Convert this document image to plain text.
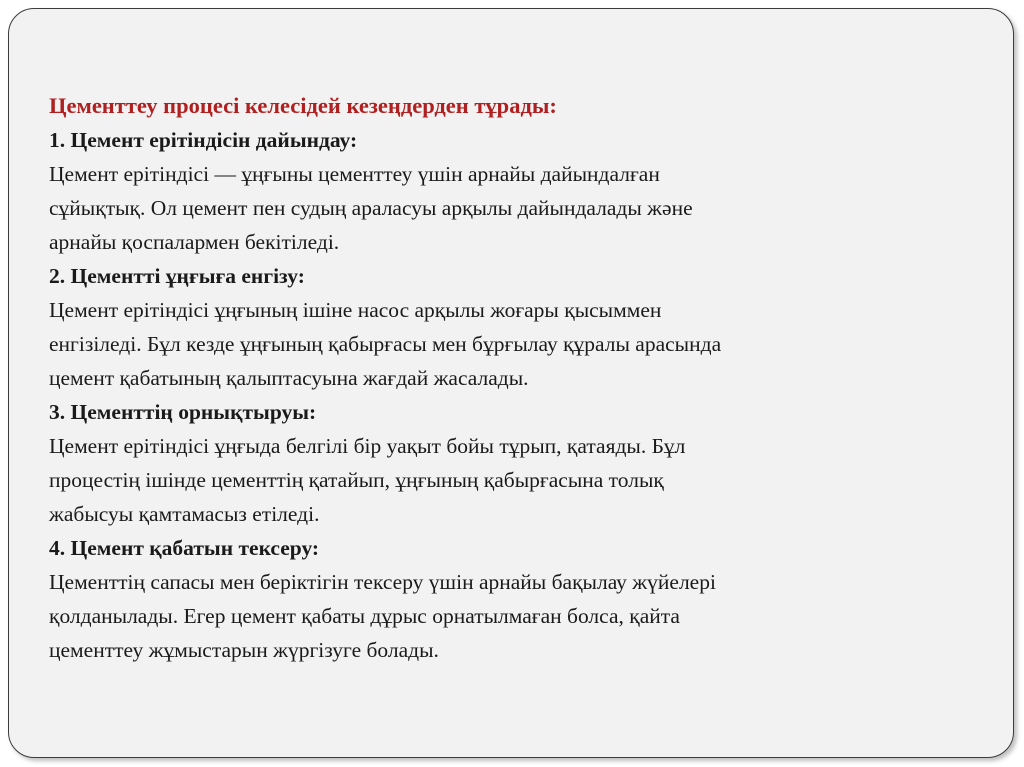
Цементтеу процесі келесідей кезеңдерден тұрады:

1. Цемент ерітіндісін дайындау:

Цемент ерітіндісі — ұңғыны цементтеу үшін арнайы дайындалған
сұйықтық. Ол цемент пен судың араласуы арқылы дайындалады және
арнайы қоспалармен бекітіледі.

2. Цементті ұңғыға енгізу:

Цемент ерітіндісі ұңғының ішіне насос арқылы жоғары қысыммен
енгізіледі. Бұл кезде ұңғының қабырғасы мен бұрғылау құралы арасында
цемент қабатының қалыптасуына жағдай жасалады.

3. Цементтің орнықтыруы:

Цемент ерітіндісі ұңғыда белгілі бір уақыт бойы тұрып, қатаяды. Бұл
процестің ішінде цементтің қатайып, ұңғының қабырғасына толық
жабысуы қамтамасыз етіледі.

4. Цемент қабатын тексеру:

Цементтің сапасы мен беріктігін тексеру үшін арнайы бақылау жүйелері
қолданылады. Егер цемент қабаты дұрыс орнатылмаған болса, қайта
цементтеу жұмыстарын жүргізуге болады.
